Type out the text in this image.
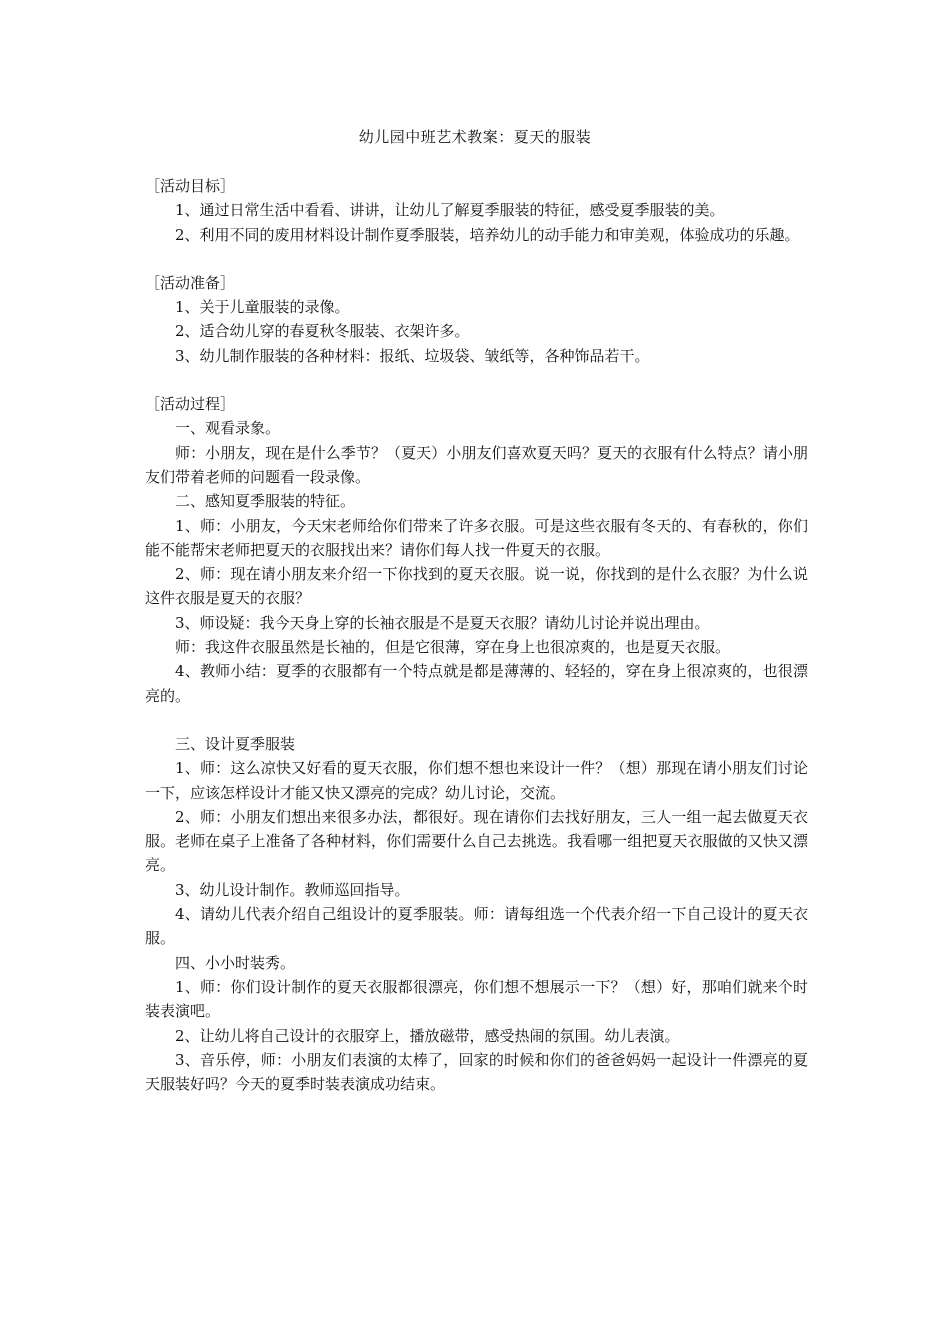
幼儿园中班艺术教案：夏天的服装

［活动目标］

1、通过日常生活中看看、讲讲，让幼儿了解夏季服装的特征，感受夏季服装的美。

2、利用不同的废用材料设计制作夏季服装，培养幼儿的动手能力和审美观，体验成功的乐趣。

［活动准备］

1、关于儿童服装的录像。

2、适合幼儿穿的春夏秋冬服装、衣架许多。

3、幼儿制作服装的各种材料：报纸、垃圾袋、皱纸等，各种饰品若干。

［活动过程］

一、观看录象。

师：小朋友，现在是什么季节？（夏天）小朋友们喜欢夏天吗？夏天的衣服有什么特点？请小朋友们带着老师的问题看一段录像。

二、感知夏季服装的特征。

1、师：小朋友，今天宋老师给你们带来了许多衣服。可是这些衣服有冬天的、有春秋的，你们能不能帮宋老师把夏天的衣服找出来？请你们每人找一件夏天的衣服。

2、师：现在请小朋友来介绍一下你找到的夏天衣服。说一说，你找到的是什么衣服？为什么说这件衣服是夏天的衣服？

3、师设疑：我今天身上穿的长袖衣服是不是夏天衣服？请幼儿讨论并说出理由。

师：我这件衣服虽然是长袖的，但是它很薄，穿在身上也很凉爽的，也是夏天衣服。

4、教师小结：夏季的衣服都有一个特点就是都是薄薄的、轻轻的，穿在身上很凉爽的，也很漂亮的。

三、设计夏季服装

1、师：这么凉快又好看的夏天衣服，你们想不想也来设计一件？（想）那现在请小朋友们讨论一下，应该怎样设计才能又快又漂亮的完成？幼儿讨论，交流。

2、师：小朋友们想出来很多办法，都很好。现在请你们去找好朋友，三人一组一起去做夏天衣服。老师在桌子上准备了各种材料，你们需要什么自己去挑选。我看哪一组把夏天衣服做的又快又漂亮。

3、幼儿设计制作。教师巡回指导。

4、请幼儿代表介绍自己组设计的夏季服装。师：请每组选一个代表介绍一下自己设计的夏天衣服。

四、小小时装秀。

1、师：你们设计制作的夏天衣服都很漂亮，你们想不想展示一下？（想）好，那咱们就来个时装表演吧。

2、让幼儿将自己设计的衣服穿上，播放磁带，感受热闹的氛围。幼儿表演。

3、音乐停，师：小朋友们表演的太棒了，回家的时候和你们的爸爸妈妈一起设计一件漂亮的夏天服装好吗？今天的夏季时装表演成功结束。
